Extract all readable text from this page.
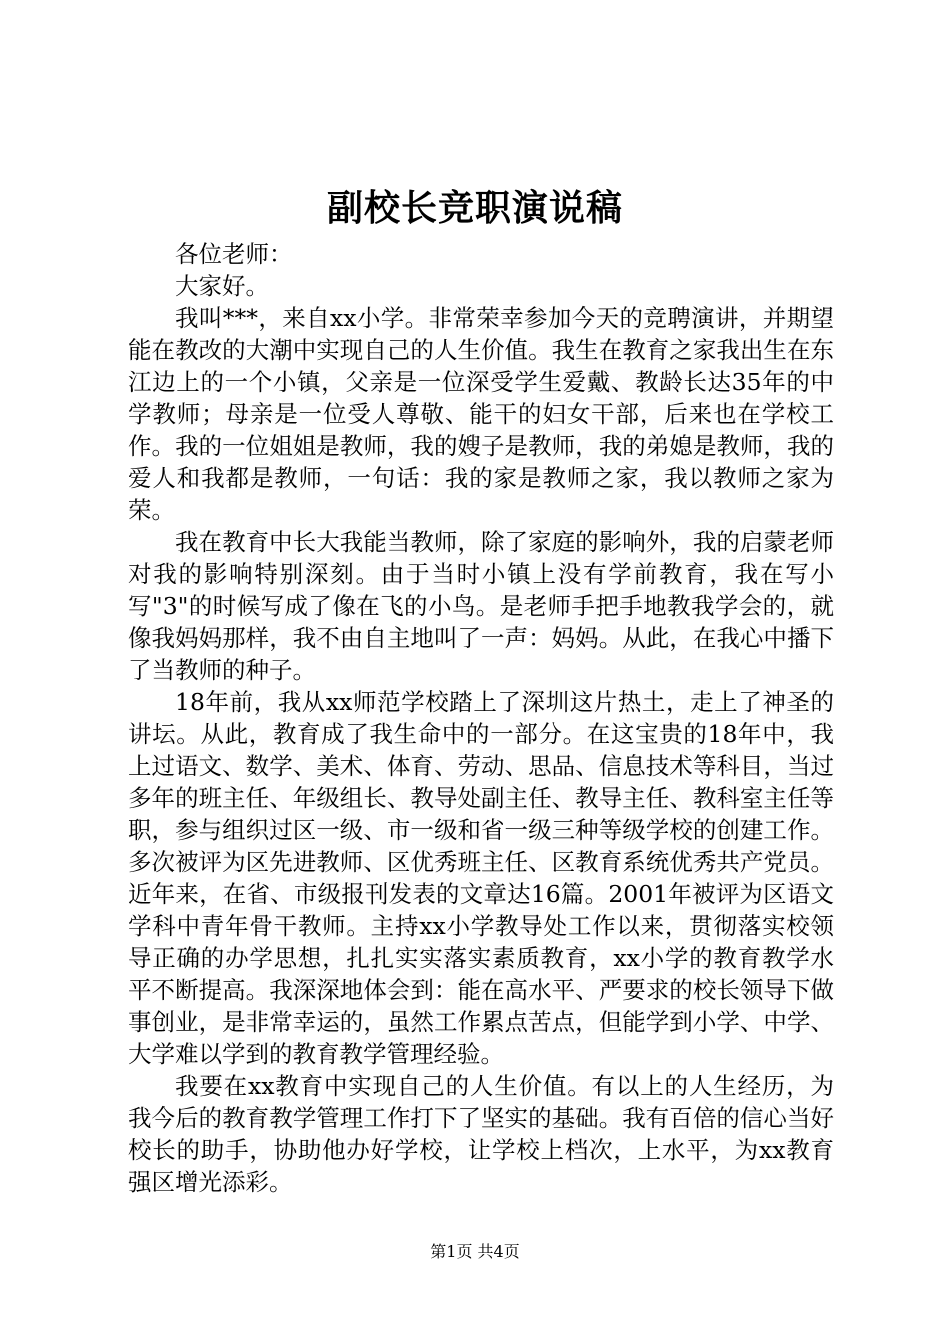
副校长竞职演说稿

各位老师：

大家好。

我叫***，来自xx小学。非常荣幸参加今天的竞聘演讲，并期望能在教改的大潮中实现自己的人生价值。我生在教育之家我出生在东江边上的一个小镇，父亲是一位深受学生爱戴、教龄长达35年的中学教师；母亲是一位受人尊敬、能干的妇女干部，后来也在学校工作。我的一位姐姐是教师，我的嫂子是教师，我的弟媳是教师，我的爱人和我都是教师，一句话：我的家是教师之家，我以教师之家为荣。

我在教育中长大我能当教师，除了家庭的影响外，我的启蒙老师对我的影响特别深刻。由于当时小镇上没有学前教育，我在写小写"3"的时候写成了像在飞的小鸟。是老师手把手地教我学会的，就像我妈妈那样，我不由自主地叫了一声：妈妈。从此，在我心中播下了当教师的种子。

18年前，我从xx师范学校踏上了深圳这片热土，走上了神圣的讲坛。从此，教育成了我生命中的一部分。在这宝贵的18年中，我上过语文、数学、美术、体育、劳动、思品、信息技术等科目，当过多年的班主任、年级组长、教导处副主任、教导主任、教科室主任等职，参与组织过区一级、市一级和省一级三种等级学校的创建工作。多次被评为区先进教师、区优秀班主任、区教育系统优秀共产党员。近年来，在省、市级报刊发表的文章达16篇。2001年被评为区语文学科中青年骨干教师。主持xx小学教导处工作以来，贯彻落实校领导正确的办学思想，扎扎实实落实素质教育，xx小学的教育教学水平不断提高。我深深地体会到：能在高水平、严要求的校长领导下做事创业，是非常幸运的，虽然工作累点苦点，但能学到小学、中学、大学难以学到的教育教学管理经验。

我要在xx教育中实现自己的人生价值。有以上的人生经历，为我今后的教育教学管理工作打下了坚实的基础。我有百倍的信心当好校长的助手，协助他办好学校，让学校上档次，上水平，为xx教育强区增光添彩。

第1页 共4页
